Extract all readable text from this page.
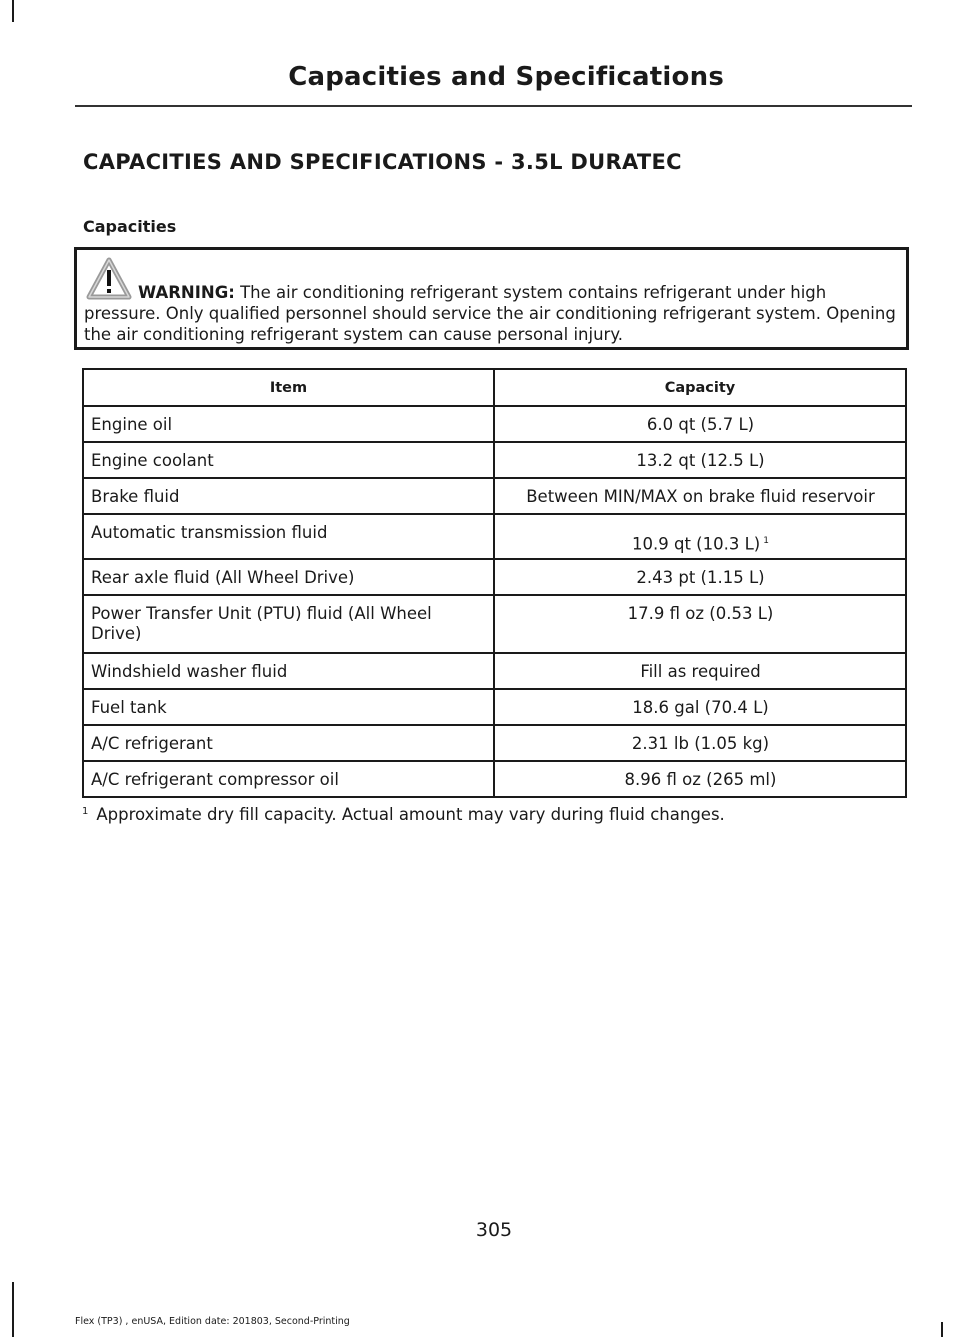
Capacities and Specifications
CAPACITIES AND SPECIFICATIONS - 3.5L DURATEC
Capacities
WARNING: The air conditioning refrigerant system contains refrigerant under high pressure. Only qualified personnel should service the air conditioning refrigerant system. Opening the air conditioning refrigerant system can cause personal injury.
Item	Capacity
Engine oil	6.0 qt (5.7 L)
Engine coolant	13.2 qt (12.5 L)
Brake fluid	Between MIN/MAX on brake fluid reservoir
Automatic transmission fluid	10.9 qt (10.3 L) $^1$
Rear axle fluid (All Wheel Drive)	2.43 pt (1.15 L)
Power Transfer Unit (PTU) fluid (All Wheel Drive)	17.9 fl oz (0.53 L)
Windshield washer fluid	Fill as required
Fuel tank	18.6 gal (70.4 L)
A/C refrigerant	2.31 lb (1.05 kg)
A/C refrigerant compressor oil	8.96 fl oz (265 ml)
$^1$ Approximate dry fill capacity. Actual amount may vary during fluid changes.
305
Flex (TP3) , enUSA, Edition date: 201803, Second-Printing
